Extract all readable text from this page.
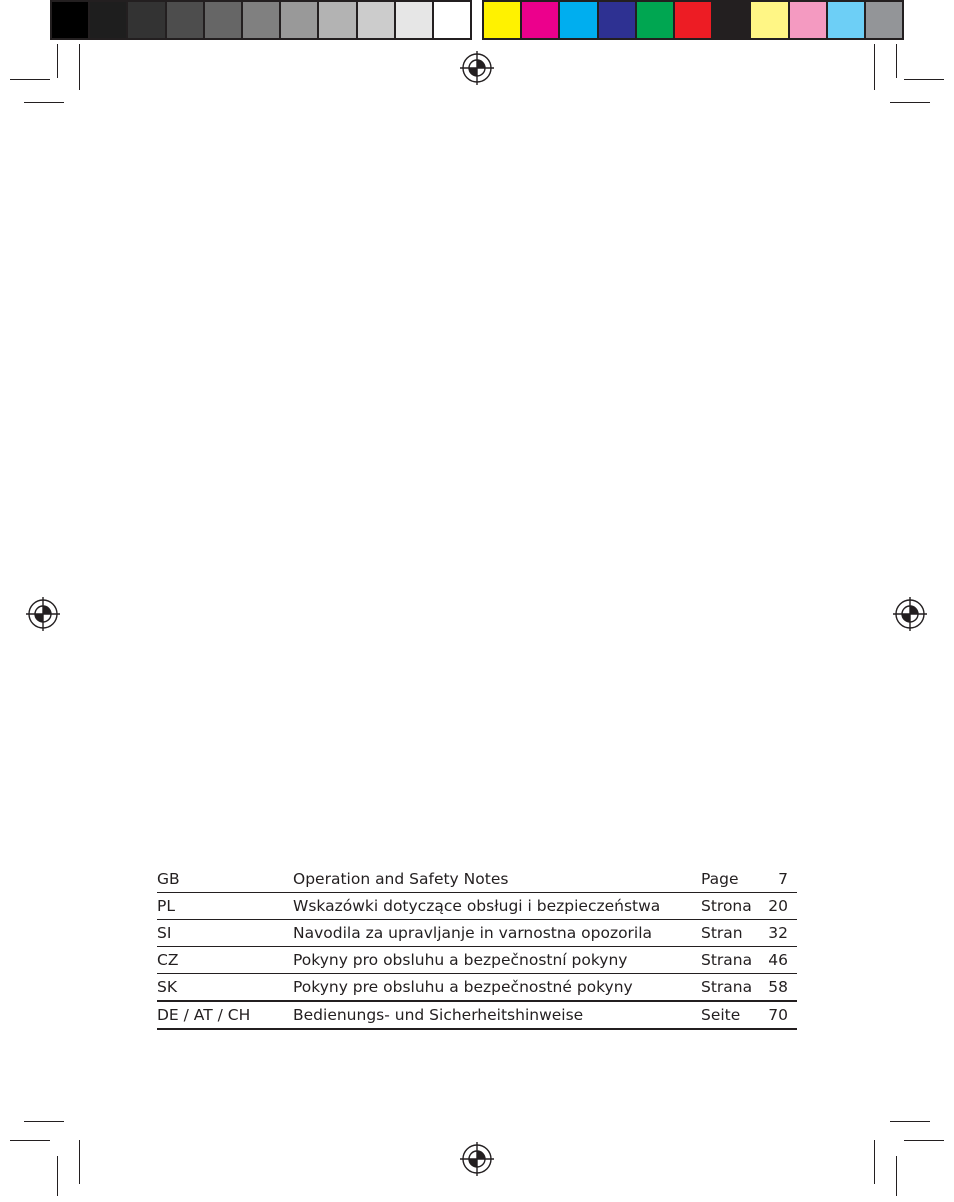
GB	Operation and Safety Notes	Page	7
PL	Wskazówki dotyczące obsługi i bezpieczeństwa	Strona	20
SI	Navodila za upravljanje in varnostna opozorila	Stran	32
CZ	Pokyny pro obsluhu a bezpečnostní pokyny	Strana	46
SK	Pokyny pre obsluhu a bezpečnostné pokyny	Strana	58
DE / AT / CH	Bedienungs- und Sicherheitshinweise	Seite	70
